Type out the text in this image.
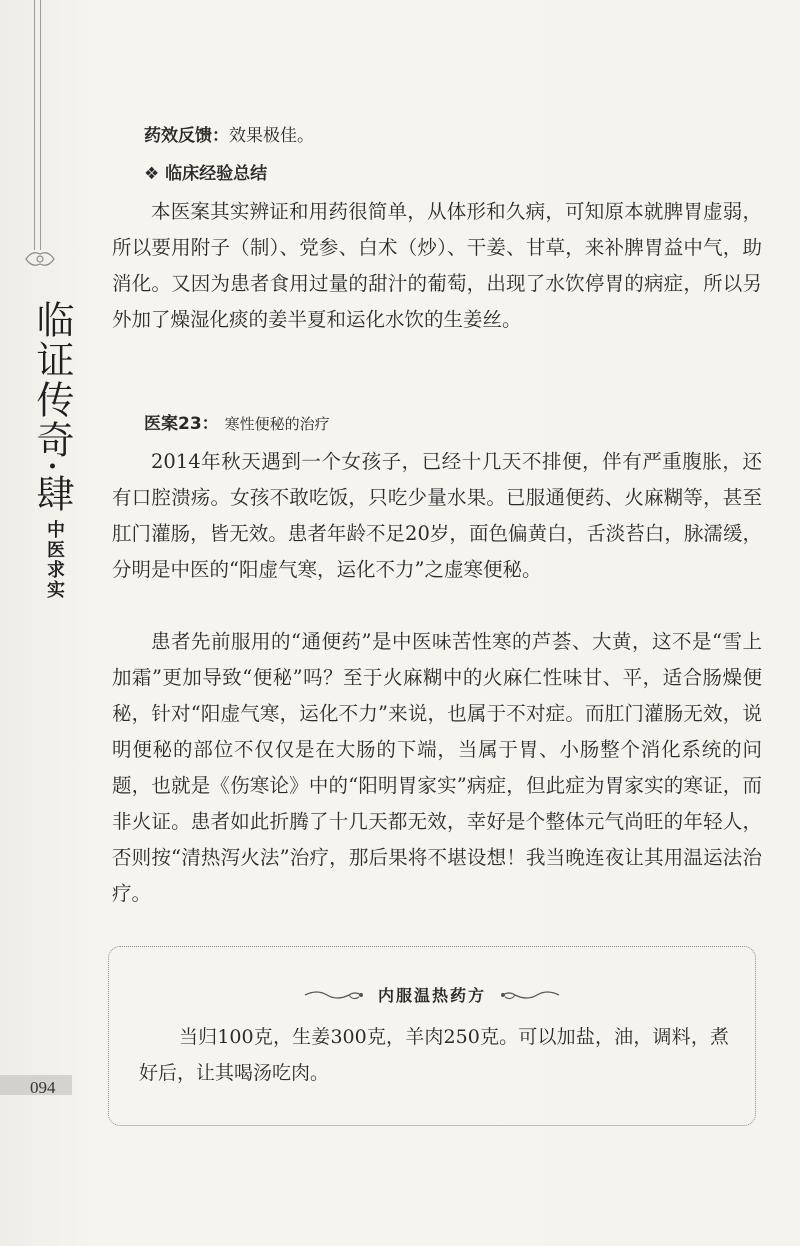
临证传奇·肆
中医求实
094
药效反馈：效果极佳。
❖ 临床经验总结
本医案其实辨证和用药很简单，从体形和久病，可知原本就脾胃虚弱，所以要用附子（制）、党参、白术（炒）、干姜、甘草，来补脾胃益中气，助消化。又因为患者食用过量的甜汁的葡萄，出现了水饮停胃的病症，所以另外加了燥湿化痰的姜半夏和运化水饮的生姜丝。
医案23： 寒性便秘的治疗
2014年秋天遇到一个女孩子，已经十几天不排便，伴有严重腹胀，还有口腔溃疡。女孩不敢吃饭，只吃少量水果。已服通便药、火麻糊等，甚至肛门灌肠，皆无效。患者年龄不足20岁，面色偏黄白，舌淡苔白，脉濡缓，分明是中医的“阳虚气寒，运化不力”之虚寒便秘。
患者先前服用的“通便药”是中医味苦性寒的芦荟、大黄，这不是“雪上加霜”更加导致“便秘”吗？至于火麻糊中的火麻仁性味甘、平，适合肠燥便秘，针对“阳虚气寒，运化不力”来说，也属于不对症。而肛门灌肠无效，说明便秘的部位不仅仅是在大肠的下端，当属于胃、小肠整个消化系统的问题，也就是《伤寒论》中的“阳明胃家实”病症，但此症为胃家实的寒证，而非火证。患者如此折腾了十几天都无效，幸好是个整体元气尚旺的年轻人，否则按“清热泻火法”治疗，那后果将不堪设想！我当晚连夜让其用温运法治疗。
内服温热药方
当归100克，生姜300克，羊肉250克。可以加盐，油，调料，煮好后，让其喝汤吃肉。
